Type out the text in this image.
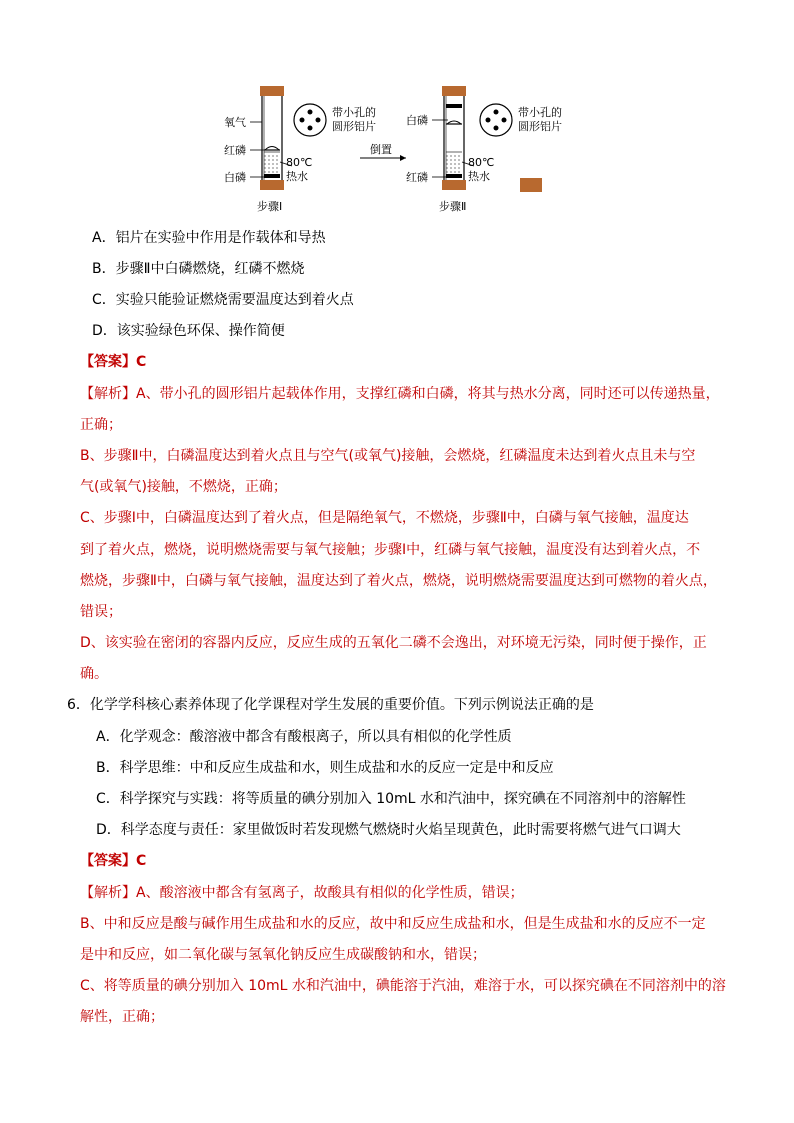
氧气
红磷
白磷
80℃
热水
步骤Ⅰ
带小孔的
圆形铝片
倒置
白磷
红磷
80℃
热水
步骤Ⅱ
带小孔的
圆形铝片
A．铝片在实验中作用是作载体和导热
B．步骤Ⅱ中白磷燃烧，红磷不燃烧
C．实验只能验证燃烧需要温度达到着火点
D．该实验绿色环保、操作简便
【答案】C
【解析】A、带小孔的圆形铝片起载体作用，支撑红磷和白磷，将其与热水分离，同时还可以传递热量，
正确；
B、步骤Ⅱ中，白磷温度达到着火点且与空气(或氧气)接触，会燃烧，红磷温度未达到着火点且未与空
气(或氧气)接触，不燃烧，正确；
C、步骤Ⅰ中，白磷温度达到了着火点，但是隔绝氧气，不燃烧，步骤Ⅱ中，白磷与氧气接触，温度达
到了着火点，燃烧，说明燃烧需要与氧气接触；步骤Ⅰ中，红磷与氧气接触，温度没有达到着火点，不
燃烧，步骤Ⅱ中，白磷与氧气接触，温度达到了着火点，燃烧，说明燃烧需要温度达到可燃物的着火点，
错误；
D、该实验在密闭的容器内反应，反应生成的五氧化二磷不会逸出，对环境无污染，同时便于操作，正
确。
6．化学学科核心素养体现了化学课程对学生发展的重要价值。下列示例说法正确的是
A．化学观念：酸溶液中都含有酸根离子，所以具有相似的化学性质
B．科学思维：中和反应生成盐和水，则生成盐和水的反应一定是中和反应
C．科学探究与实践：将等质量的碘分别加入 10mL 水和汽油中，探究碘在不同溶剂中的溶解性
D．科学态度与责任：家里做饭时若发现燃气燃烧时火焰呈现黄色，此时需要将燃气进气口调大
【答案】C
【解析】A、酸溶液中都含有氢离子，故酸具有相似的化学性质，错误；
B、中和反应是酸与碱作用生成盐和水的反应，故中和反应生成盐和水，但是生成盐和水的反应不一定
是中和反应，如二氧化碳与氢氧化钠反应生成碳酸钠和水，错误；
C、将等质量的碘分别加入 10mL 水和汽油中，碘能溶于汽油，难溶于水，可以探究碘在不同溶剂中的溶
解性，正确；
